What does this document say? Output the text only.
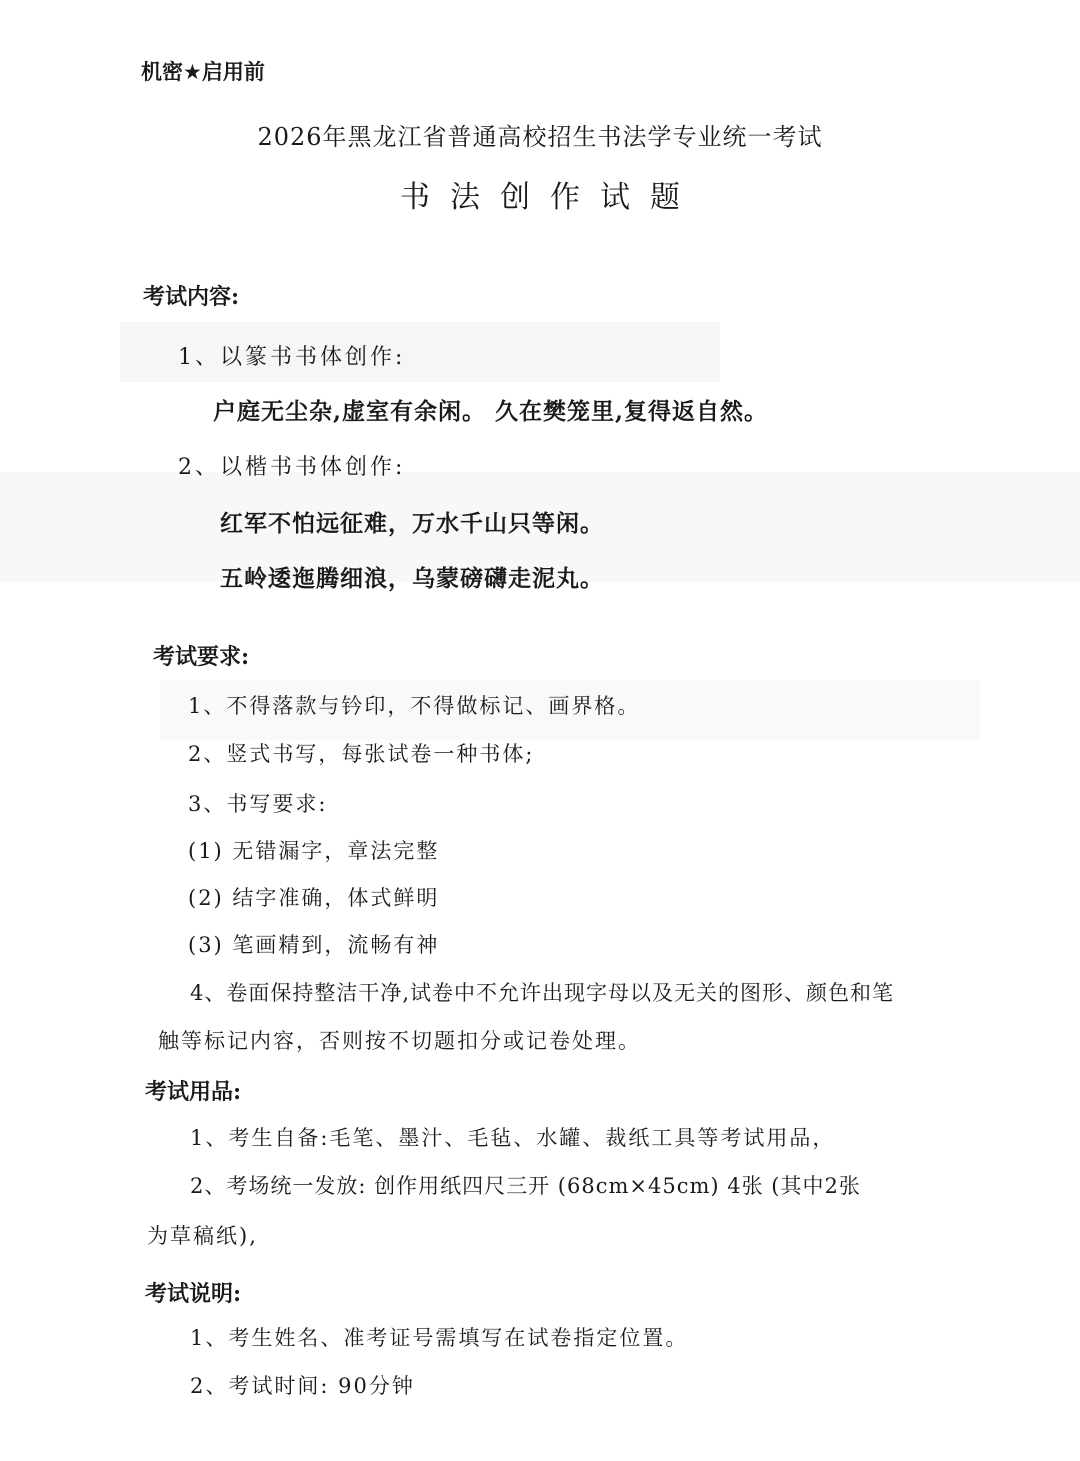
机密★启用前
2026年黑龙江省普通高校招生书法学专业统一考试
书法创作试题
考试内容:
1、以篆书书体创作:
户庭无尘杂,虚室有余闲。 久在樊笼里,复得返自然。
2、以楷书书体创作:
红军不怕远征难，万水千山只等闲。
五岭逶迤腾细浪，乌蒙磅礴走泥丸。
考试要求:
1、不得落款与钤印，不得做标记、画界格。
2、竖式书写，每张试卷一种书体;
3、书写要求:
(1) 无错漏字，章法完整
(2) 结字准确，体式鲜明
(3) 笔画精到，流畅有神
4、卷面保持整洁干净,试卷中不允许出现字母以及无关的图形、颜色和笔
触等标记内容，否则按不切题扣分或记卷处理。
考试用品:
1、考生自备:毛笔、墨汁、毛毡、水罐、裁纸工具等考试用品，
2、考场统一发放: 创作用纸四尺三开 (68cm×45cm) 4张 (其中2张
为草稿纸),
考试说明:
1、考生姓名、准考证号需填写在试卷指定位置。
2、考试时间: 90分钟
